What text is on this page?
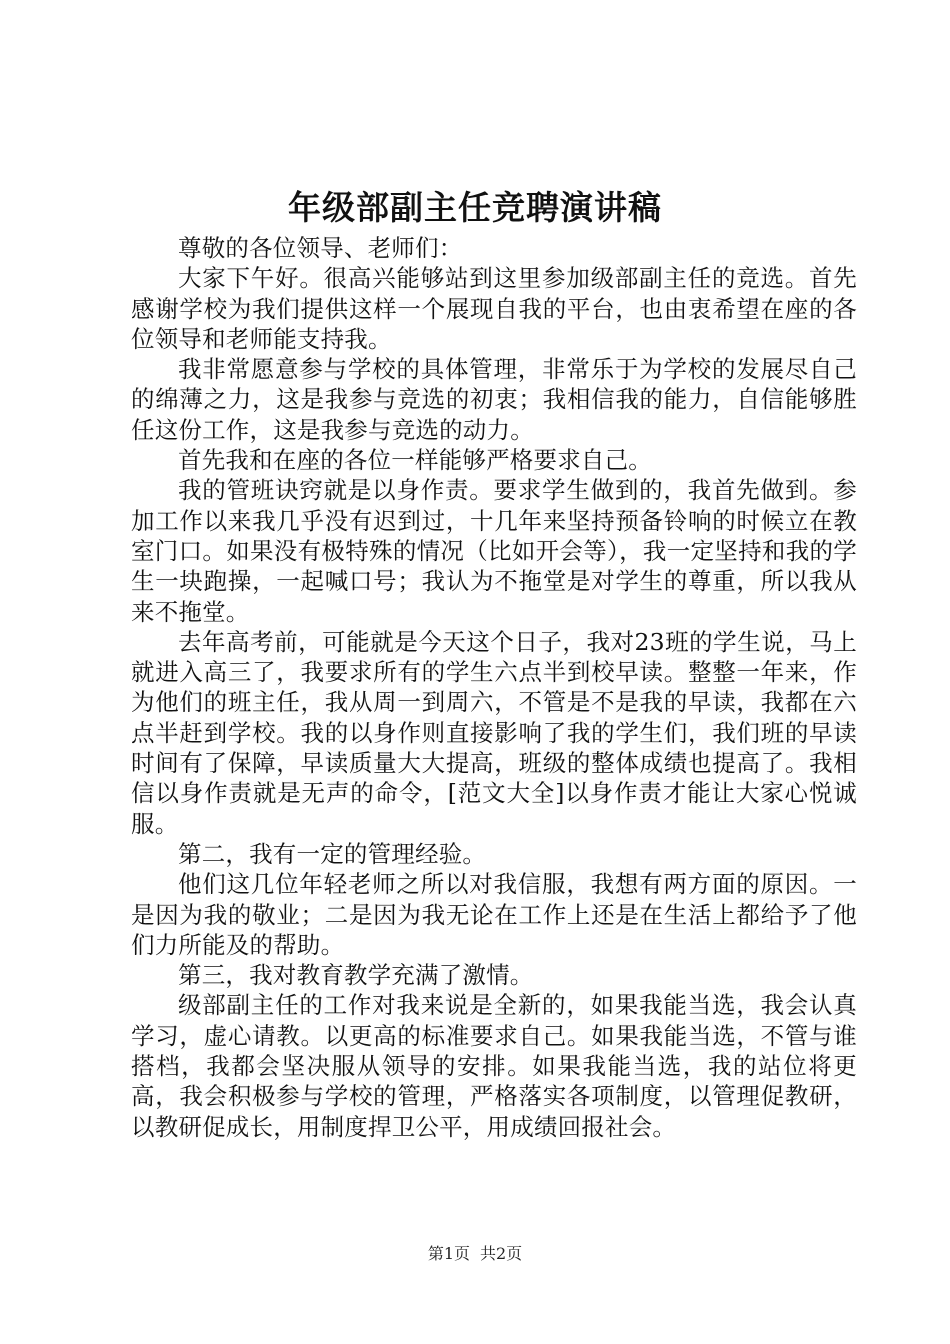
年级部副主任竞聘演讲稿

尊敬的各位领导、老师们：

大家下午好。很高兴能够站到这里参加级部副主任的竞选。首先感谢学校为我们提供这样一个展现自我的平台，也由衷希望在座的各位领导和老师能支持我。

我非常愿意参与学校的具体管理，非常乐于为学校的发展尽自己的绵薄之力，这是我参与竞选的初衷；我相信我的能力，自信能够胜任这份工作，这是我参与竞选的动力。

首先我和在座的各位一样能够严格要求自己。

我的管班诀窍就是以身作责。要求学生做到的，我首先做到。参加工作以来我几乎没有迟到过，十几年来坚持预备铃响的时候立在教室门口。如果没有极特殊的情况（比如开会等），我一定坚持和我的学生一块跑操，一起喊口号；我认为不拖堂是对学生的尊重，所以我从来不拖堂。

去年高考前，可能就是今天这个日子，我对23班的学生说，马上就进入高三了，我要求所有的学生六点半到校早读。整整一年来，作为他们的班主任，我从周一到周六，不管是不是我的早读，我都在六点半赶到学校。我的以身作则直接影响了我的学生们，我们班的早读时间有了保障，早读质量大大提高，班级的整体成绩也提高了。我相信以身作责就是无声的命令，[范文大全]以身作责才能让大家心悦诚服。

第二，我有一定的管理经验。

他们这几位年轻老师之所以对我信服，我想有两方面的原因。一是因为我的敬业；二是因为我无论在工作上还是在生活上都给予了他们力所能及的帮助。

第三，我对教育教学充满了激情。

级部副主任的工作对我来说是全新的，如果我能当选，我会认真学习，虚心请教。以更高的标准要求自己。如果我能当选，不管与谁搭档，我都会坚决服从领导的安排。如果我能当选，我的站位将更高，我会积极参与学校的管理，严格落实各项制度，以管理促教研，以教研促成长，用制度捍卫公平，用成绩回报社会。

第1页 共2页
